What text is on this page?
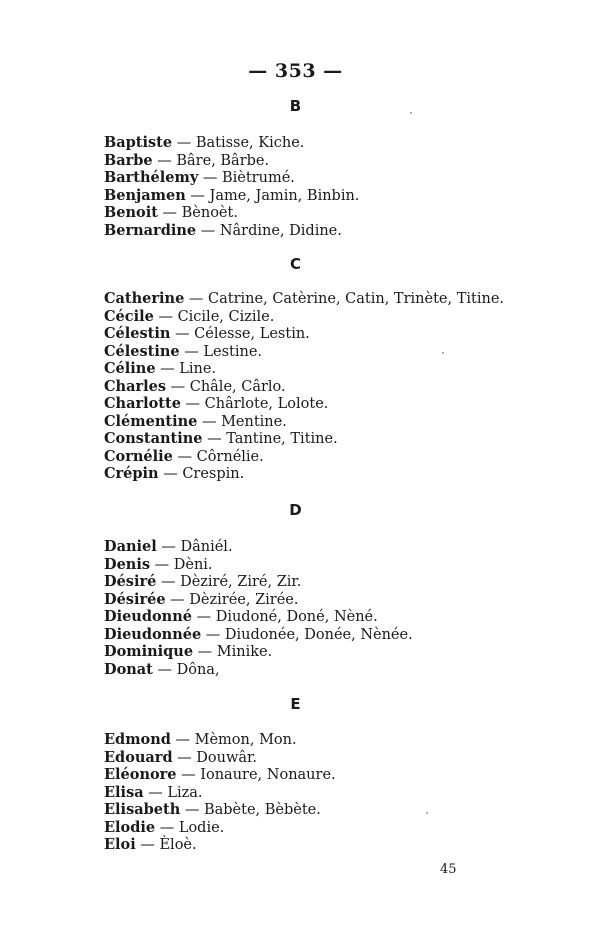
— 353 —
B
Baptiste — Batisse, Kiche.
Barbe — Bâre, Bârbe.
Barthélemy — Biètrumé.
Benjamen — Jame, Jamin, Binbin.
Benoit — Bènoèt.
Bernardine — Nârdine, Didine.
C
Catherine — Catrine, Catèrine, Catin, Trinète, Titine.
Cécile — Cicile, Cizile.
Célestin — Célesse, Lestin.
Célestine — Lestine.
Céline — Line.
Charles — Châle, Cârlo.
Charlotte — Chârlote, Lolote.
Clémentine — Mentine.
Constantine — Tantine, Titine.
Cornélie — Côrnélie.
Crépin — Crespin.
D
Daniel — Dâniél.
Denis — Dèni.
Désiré — Dèziré, Ziré, Zir.
Désirée — Dèzirée, Zirée.
Dieudonné — Diudoné, Doné, Nèné.
Dieudonnée — Diudonée, Donée, Nènée.
Dominique — Minike.
Donat — Dôna,
E
Edmond — Mèmon, Mon.
Edouard — Douwâr.
Eléonore — Ionaure, Nonaure.
Elisa — Liza.
Elisabeth — Babète, Bèbète.
Elodie — Lodie.
Eloi — Èloè.
45
